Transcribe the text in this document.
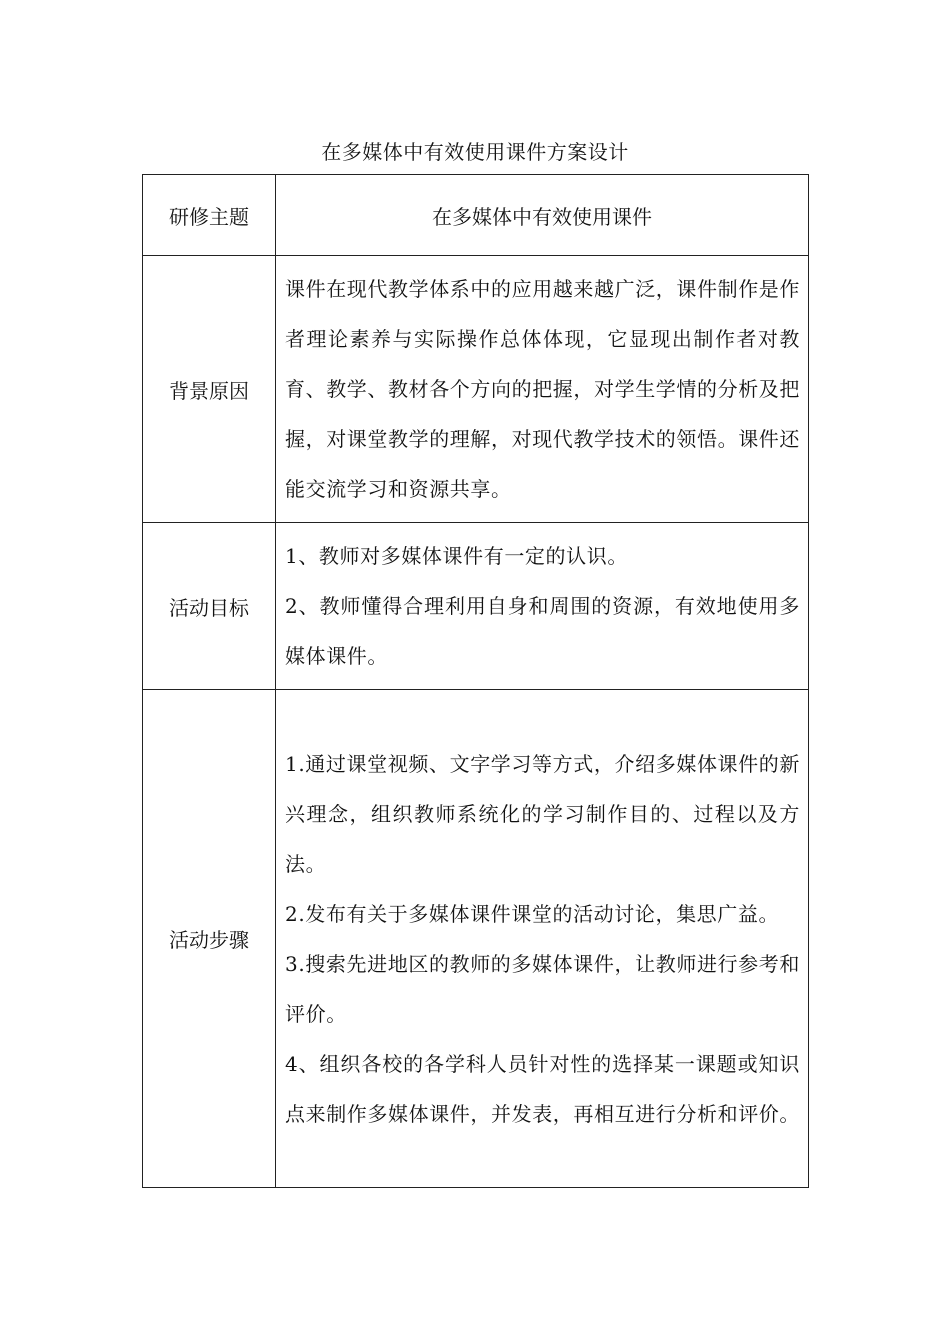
在多媒体中有效使用课件方案设计
研修主题	在多媒体中有效使用课件
背景原因	课件在现代教学体系中的应用越来越广泛，课件制作是作者理论素养与实际操作总体体现，它显现出制作者对教育、教学、教材各个方向的把握，对学生学情的分析及把握，对课堂教学的理解，对现代教学技术的领悟。课件还能交流学习和资源共享。

活动目标	1、教师对多媒体课件有一定的认识。

2、教师懂得合理利用自身和周围的资源，有效地使用多媒体课件。

活动步骤	1.通过课堂视频、文字学习等方式，介绍多媒体课件的新兴理念，组织教师系统化的学习制作目的、过程以及方法。

2.发布有关于多媒体课件课堂的活动讨论，集思广益。

3.搜索先进地区的教师的多媒体课件，让教师进行参考和评价。

4、组织各校的各学科人员针对性的选择某一课题或知识点来制作多媒体课件，并发表，再相互进行分析和评价。
